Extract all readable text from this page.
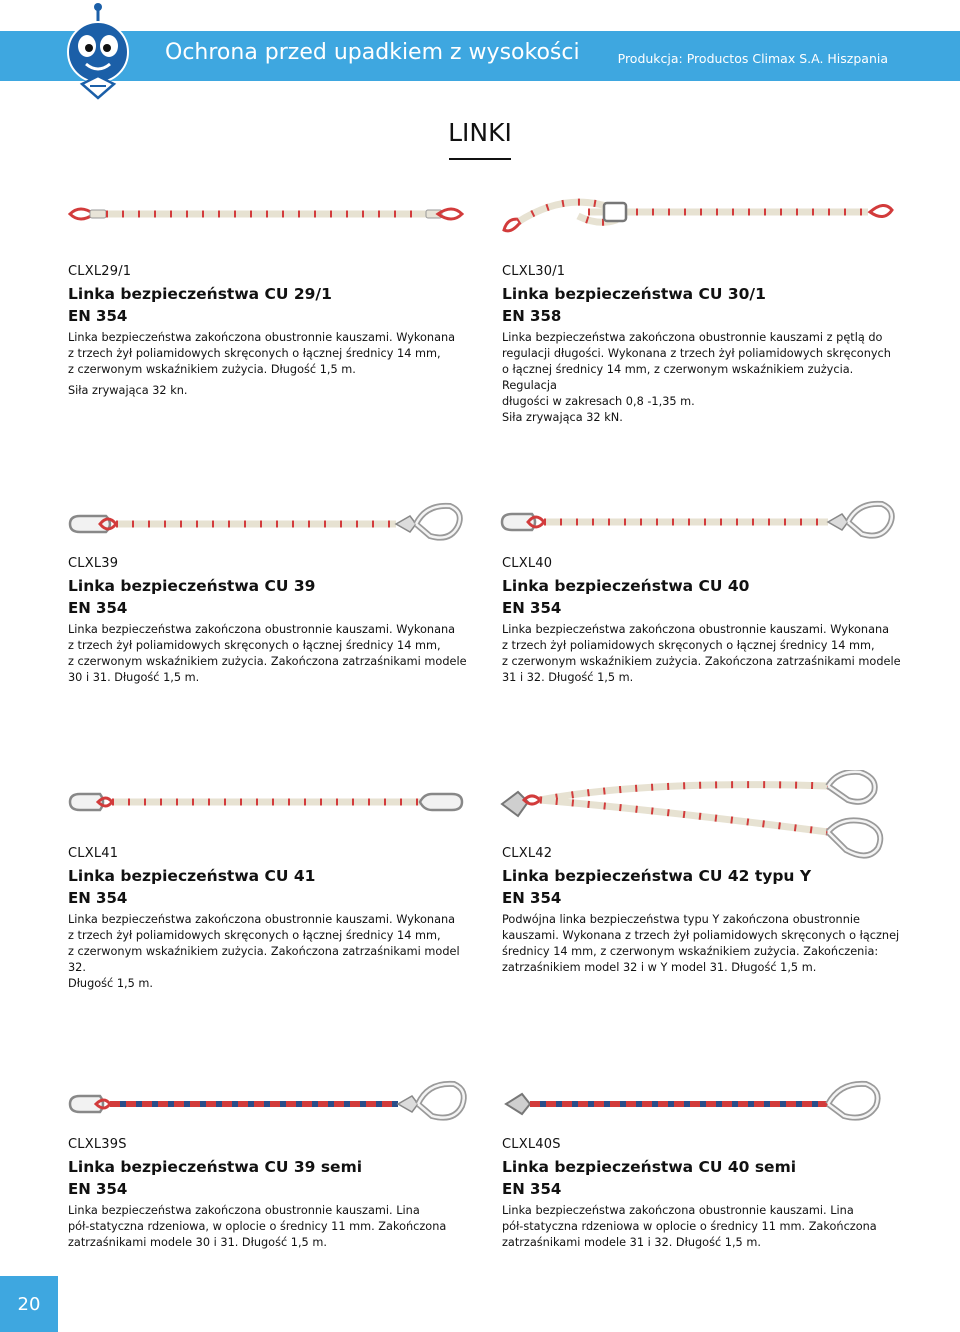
Ochrona przed upadkiem z wysokości	Produkcja: Productos Climax S.A. Hiszpania
LINKI
CLXL29/1
Linka bezpieczeństwa CU 29/1
EN 354
Linka bezpieczeństwa zakończona obustronnie kauszami. Wykonana
z trzech żył poliamidowych skręconych o łącznej średnicy 14 mm,
z czerwonym wskaźnikiem zużycia. Długość 1,5 m.
Siła zrywająca 32 kn.
CLXL30/1
Linka bezpieczeństwa CU 30/1
EN 358
Linka bezpieczeństwa zakończona obustronnie kauszami z pętlą do
regulacji długości. Wykonana z trzech żył poliamidowych skręconych
o łącznej średnicy 14 mm, z czerwonym wskaźnikiem zużycia. Regulacja
długości w zakresach 0,8 -1,35 m.
Siła zrywająca 32 kN.
CLXL39
Linka bezpieczeństwa CU 39
EN 354
Linka bezpieczeństwa zakończona obustronnie kauszami. Wykonana
z trzech żył poliamidowych skręconych o łącznej średnicy 14 mm,
z czerwonym wskaźnikiem zużycia. Zakończona zatrzaśnikami modele
30 i 31. Długość 1,5 m.
CLXL40
Linka bezpieczeństwa CU 40
EN 354
Linka bezpieczeństwa zakończona obustronnie kauszami. Wykonana
z trzech żył poliamidowych skręconych o łącznej średnicy 14 mm,
z czerwonym wskaźnikiem zużycia. Zakończona zatrzaśnikami modele
31 i 32. Długość 1,5 m.
CLXL41
Linka bezpieczeństwa CU 41
EN 354
Linka bezpieczeństwa zakończona obustronnie kauszami. Wykonana
z trzech żył poliamidowych skręconych o łącznej średnicy 14 mm,
z czerwonym wskaźnikiem zużycia. Zakończona zatrzaśnikami model 32.
Długość 1,5 m.
CLXL42
Linka bezpieczeństwa CU 42 typu Y
EN 354
Podwójna linka bezpieczeństwa typu Y zakończona obustronnie
kauszami. Wykonana z trzech żył poliamidowych skręconych o łącznej
średnicy 14 mm, z czerwonym wskaźnikiem zużycia. Zakończenia:
zatrzaśnikiem model 32 i w Y model 31. Długość 1,5 m.
CLXL39S
Linka bezpieczeństwa CU 39 semi
EN 354
Linka bezpieczeństwa zakończona obustronnie kauszami. Lina
pół-statyczna rdzeniowa, w oplocie o średnicy 11 mm. Zakończona
zatrzaśnikami modele 30 i 31. Długość 1,5 m.
CLXL40S
Linka bezpieczeństwa CU 40 semi
EN 354
Linka bezpieczeństwa zakończona obustronnie kauszami. Lina
pół-statyczna rdzeniowa w oplocie o średnicy 11 mm. Zakończona
zatrzaśnikami modele 31 i 32. Długość 1,5 m.
20
